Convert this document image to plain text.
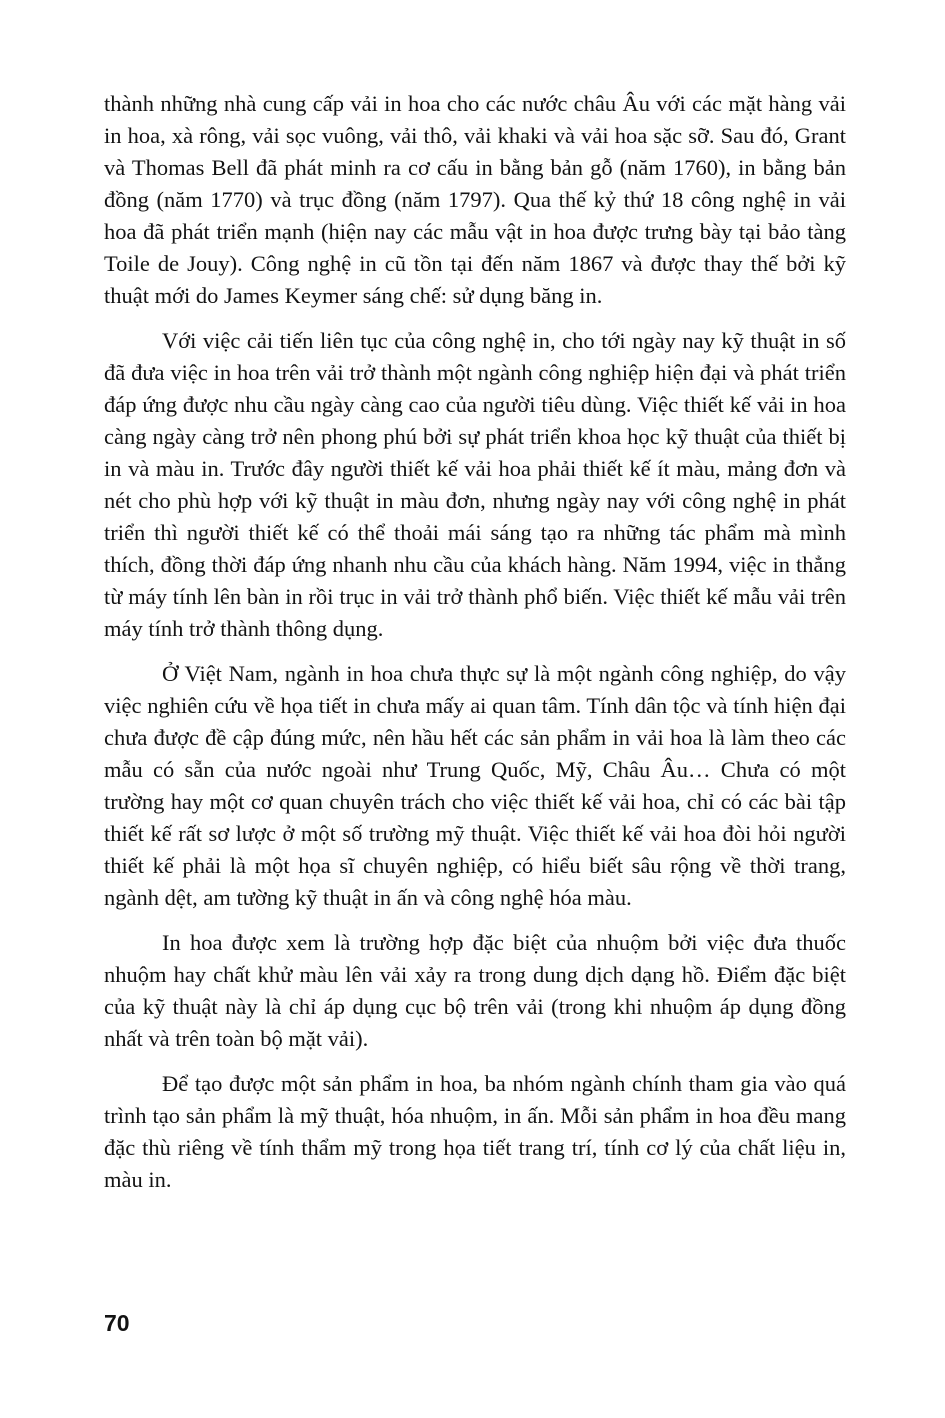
thành những nhà cung cấp vải in hoa cho các nước châu Âu với các mặt hàng vải in hoa, xà rông, vải sọc vuông, vải thô, vải khaki và vải hoa sặc sỡ. Sau đó, Grant và Thomas Bell đã phát minh ra cơ cấu in bằng bản gỗ (năm 1760), in bằng bản đồng (năm 1770) và trục đồng (năm 1797). Qua thế kỷ thứ 18 công nghệ in vải hoa đã phát triển mạnh (hiện nay các mẫu vật in hoa được trưng bày tại bảo tàng Toile de Jouy). Công nghệ in cũ tồn tại đến năm 1867 và được thay thế bởi kỹ thuật mới do James Keymer sáng chế: sử dụng băng in.

Với việc cải tiến liên tục của công nghệ in, cho tới ngày nay kỹ thuật in số đã đưa việc in hoa trên vải trở thành một ngành công nghiệp hiện đại và phát triển đáp ứng được nhu cầu ngày càng cao của người tiêu dùng. Việc thiết kế vải in hoa càng ngày càng trở nên phong phú bởi sự phát triển khoa học kỹ thuật của thiết bị in và màu in. Trước đây người thiết kế vải hoa phải thiết kế ít màu, mảng đơn và nét cho phù hợp với kỹ thuật in màu đơn, nhưng ngày nay với công nghệ in phát triển thì người thiết kế có thể thoải mái sáng tạo ra những tác phẩm mà mình thích, đồng thời đáp ứng nhanh nhu cầu của khách hàng. Năm 1994, việc in thẳng từ máy tính lên bàn in rồi trục in vải trở thành phổ biến. Việc thiết kế mẫu vải trên máy tính trở thành thông dụng.

Ở Việt Nam, ngành in hoa chưa thực sự là một ngành công nghiệp, do vậy việc nghiên cứu về họa tiết in chưa mấy ai quan tâm. Tính dân tộc và tính hiện đại chưa được đề cập đúng mức, nên hầu hết các sản phẩm in vải hoa là làm theo các mẫu có sẵn của nước ngoài như Trung Quốc, Mỹ, Châu Âu… Chưa có một trường hay một cơ quan chuyên trách cho việc thiết kế vải hoa, chỉ có các bài tập thiết kế rất sơ lược ở một số trường mỹ thuật. Việc thiết kế vải hoa đòi hỏi người thiết kế phải là một họa sĩ chuyên nghiệp, có hiểu biết sâu rộng về thời trang, ngành dệt, am tường kỹ thuật in ấn và công nghệ hóa màu.

In hoa được xem là trường hợp đặc biệt của nhuộm bởi việc đưa thuốc nhuộm hay chất khử màu lên vải xảy ra trong dung dịch dạng hồ. Điểm đặc biệt của kỹ thuật này là chỉ áp dụng cục bộ trên vải (trong khi nhuộm áp dụng đồng nhất và trên toàn bộ mặt vải).

Để tạo được một sản phẩm in hoa, ba nhóm ngành chính tham gia vào quá trình tạo sản phẩm là mỹ thuật, hóa nhuộm, in ấn. Mỗi sản phẩm in hoa đều mang đặc thù riêng về tính thẩm mỹ trong họa tiết trang trí, tính cơ lý của chất liệu in, màu in.

70
